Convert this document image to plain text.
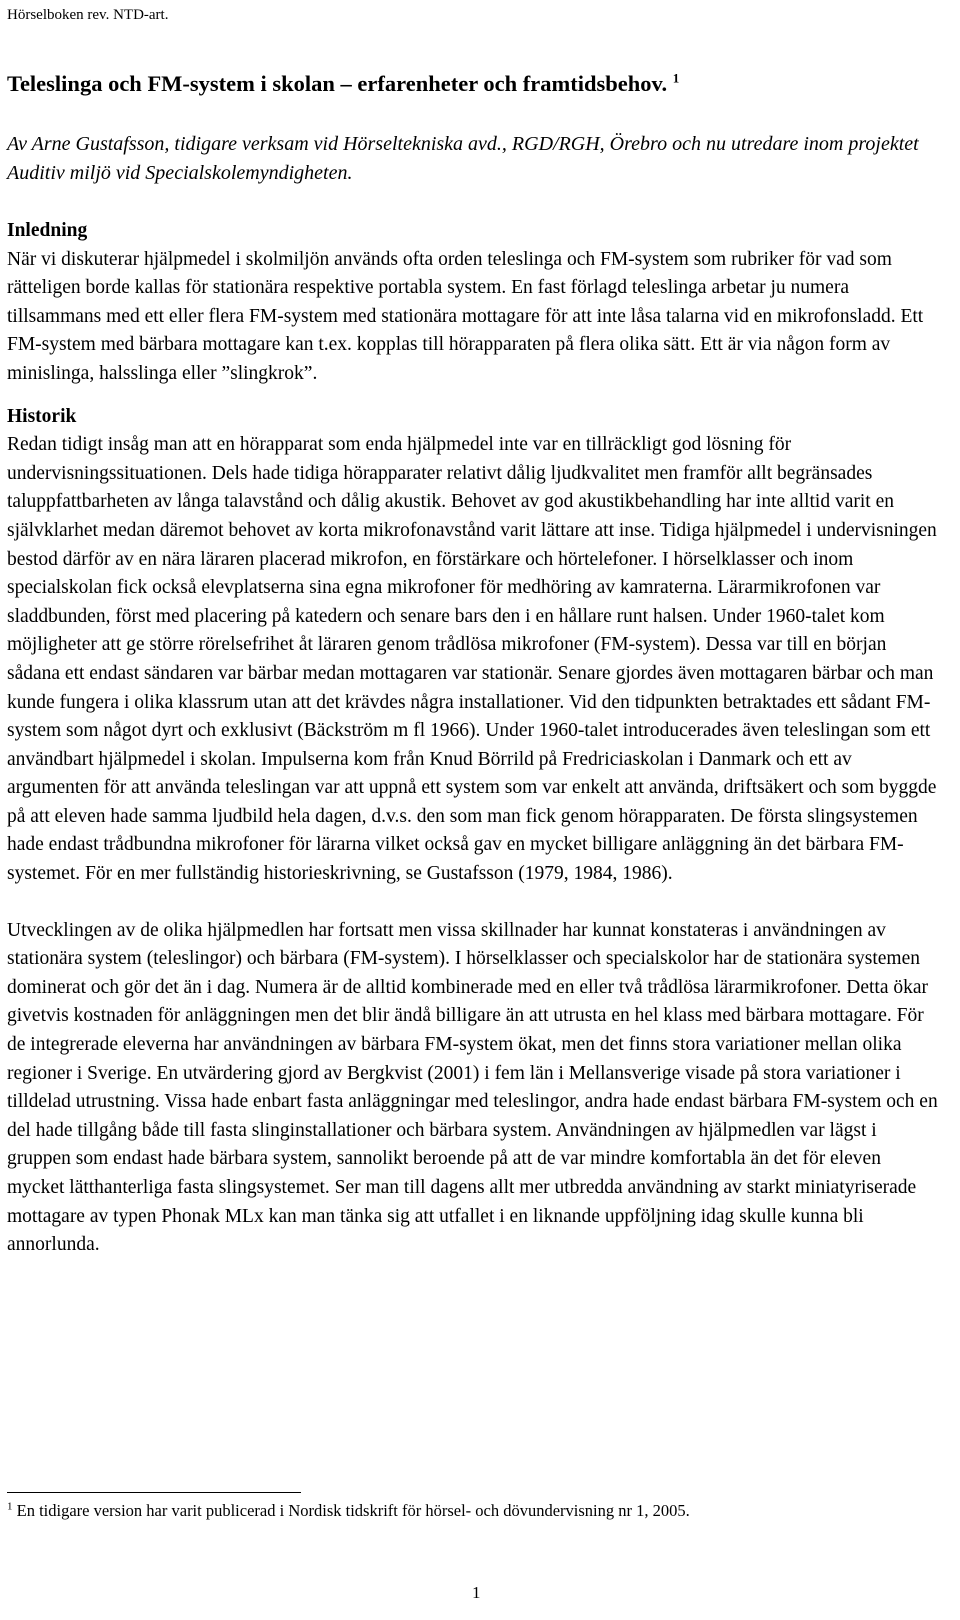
Hörselboken rev. NTD-art.
Teleslinga och FM-system i skolan – erfarenheter och framtidsbehov. $^1$
Av Arne Gustafsson, tidigare verksam vid Hörseltekniska avd., RGD/RGH, Örebro och nu utredare inom projektet Auditiv miljö vid Specialskolemyndigheten.
Inledning

När vi diskuterar hjälpmedel i skolmiljön används ofta orden teleslinga och FM-system som rubriker för vad som rätteligen borde kallas för stationära respektive portabla system. En fast förlagd teleslinga arbetar ju numera tillsammans med ett eller flera FM-system med stationära mottagare för att inte låsa talarna vid en mikrofonsladd. Ett FM-system med bärbara mottagare kan t.ex. kopplas till hörapparaten på flera olika sätt. Ett är via någon form av minislinga, halsslinga eller ”slingkrok”.

Historik

Redan tidigt insåg man att en hörapparat som enda hjälpmedel inte var en tillräckligt god lösning för undervisningssituationen. Dels hade tidiga hörapparater relativt dålig ljudkvalitet men framför allt begränsades taluppfattbarheten av långa talavstånd och dålig akustik. Behovet av god akustikbehandling har inte alltid varit en självklarhet medan däremot behovet av korta mikrofonavstånd varit lättare att inse. Tidiga hjälpmedel i undervisningen bestod därför av en nära läraren placerad mikrofon, en förstärkare och hörtelefoner. I hörselklasser och inom specialskolan fick också elevplatserna sina egna mikrofoner för medhöring av kamraterna. Lärarmikrofonen var sladdbunden, först med placering på katedern och senare bars den i en hållare runt halsen. Under 1960-talet kom möjligheter att ge större rörelsefrihet åt läraren genom trådlösa mikrofoner (FM-system). Dessa var till en början sådana ett endast sändaren var bärbar medan mottagaren var stationär. Senare gjordes även mottagaren bärbar och man kunde fungera i olika klassrum utan att det krävdes några installationer. Vid den tidpunkten betraktades ett sådant FM-system som något dyrt och exklusivt (Bäckström m fl 1966). Under 1960-talet introducerades även teleslingan som ett användbart hjälpmedel i skolan. Impulserna kom från Knud Börrild på Fredriciaskolan i Danmark och ett av argumenten för att använda teleslingan var att uppnå ett system som var enkelt att använda, driftsäkert och som byggde på att eleven hade samma ljudbild hela dagen, d.v.s. den som man fick genom hörapparaten. De första slingsystemen hade endast trådbundna mikrofoner för lärarna vilket också gav en mycket billigare anläggning än det bärbara FM-systemet. För en mer fullständig historieskrivning, se Gustafsson (1979, 1984, 1986).

Utvecklingen av de olika hjälpmedlen har fortsatt men vissa skillnader har kunnat konstateras i användningen av stationära system (teleslingor) och bärbara (FM-system). I hörselklasser och specialskolor har de stationära systemen dominerat och gör det än i dag. Numera är de alltid kombinerade med en eller två trådlösa lärarmikrofoner. Detta ökar givetvis kostnaden för anläggningen men det blir ändå billigare än att utrusta en hel klass med bärbara mottagare. För de integrerade eleverna har användningen av bärbara FM-system ökat, men det finns stora variationer mellan olika regioner i Sverige. En utvärdering gjord av Bergkvist (2001) i fem län i Mellansverige visade på stora variationer i tilldelad utrustning. Vissa hade enbart fasta anläggningar med teleslingor, andra hade endast bärbara FM-system och en del hade tillgång både till fasta slinginstallationer och bärbara system. Användningen av hjälpmedlen var lägst i gruppen som endast hade bärbara system, sannolikt beroende på att de var mindre komfortabla än det för eleven mycket lätthanterliga fasta slingsystemet. Ser man till dagens allt mer utbredda användning av starkt miniatyriserade mottagare av typen Phonak MLx kan man tänka sig att utfallet i en liknande uppföljning idag skulle kunna bli annorlunda.

$^1$ En tidigare version har varit publicerad i Nordisk tidskrift för hörsel- och dövundervisning nr 1, 2005.
1
